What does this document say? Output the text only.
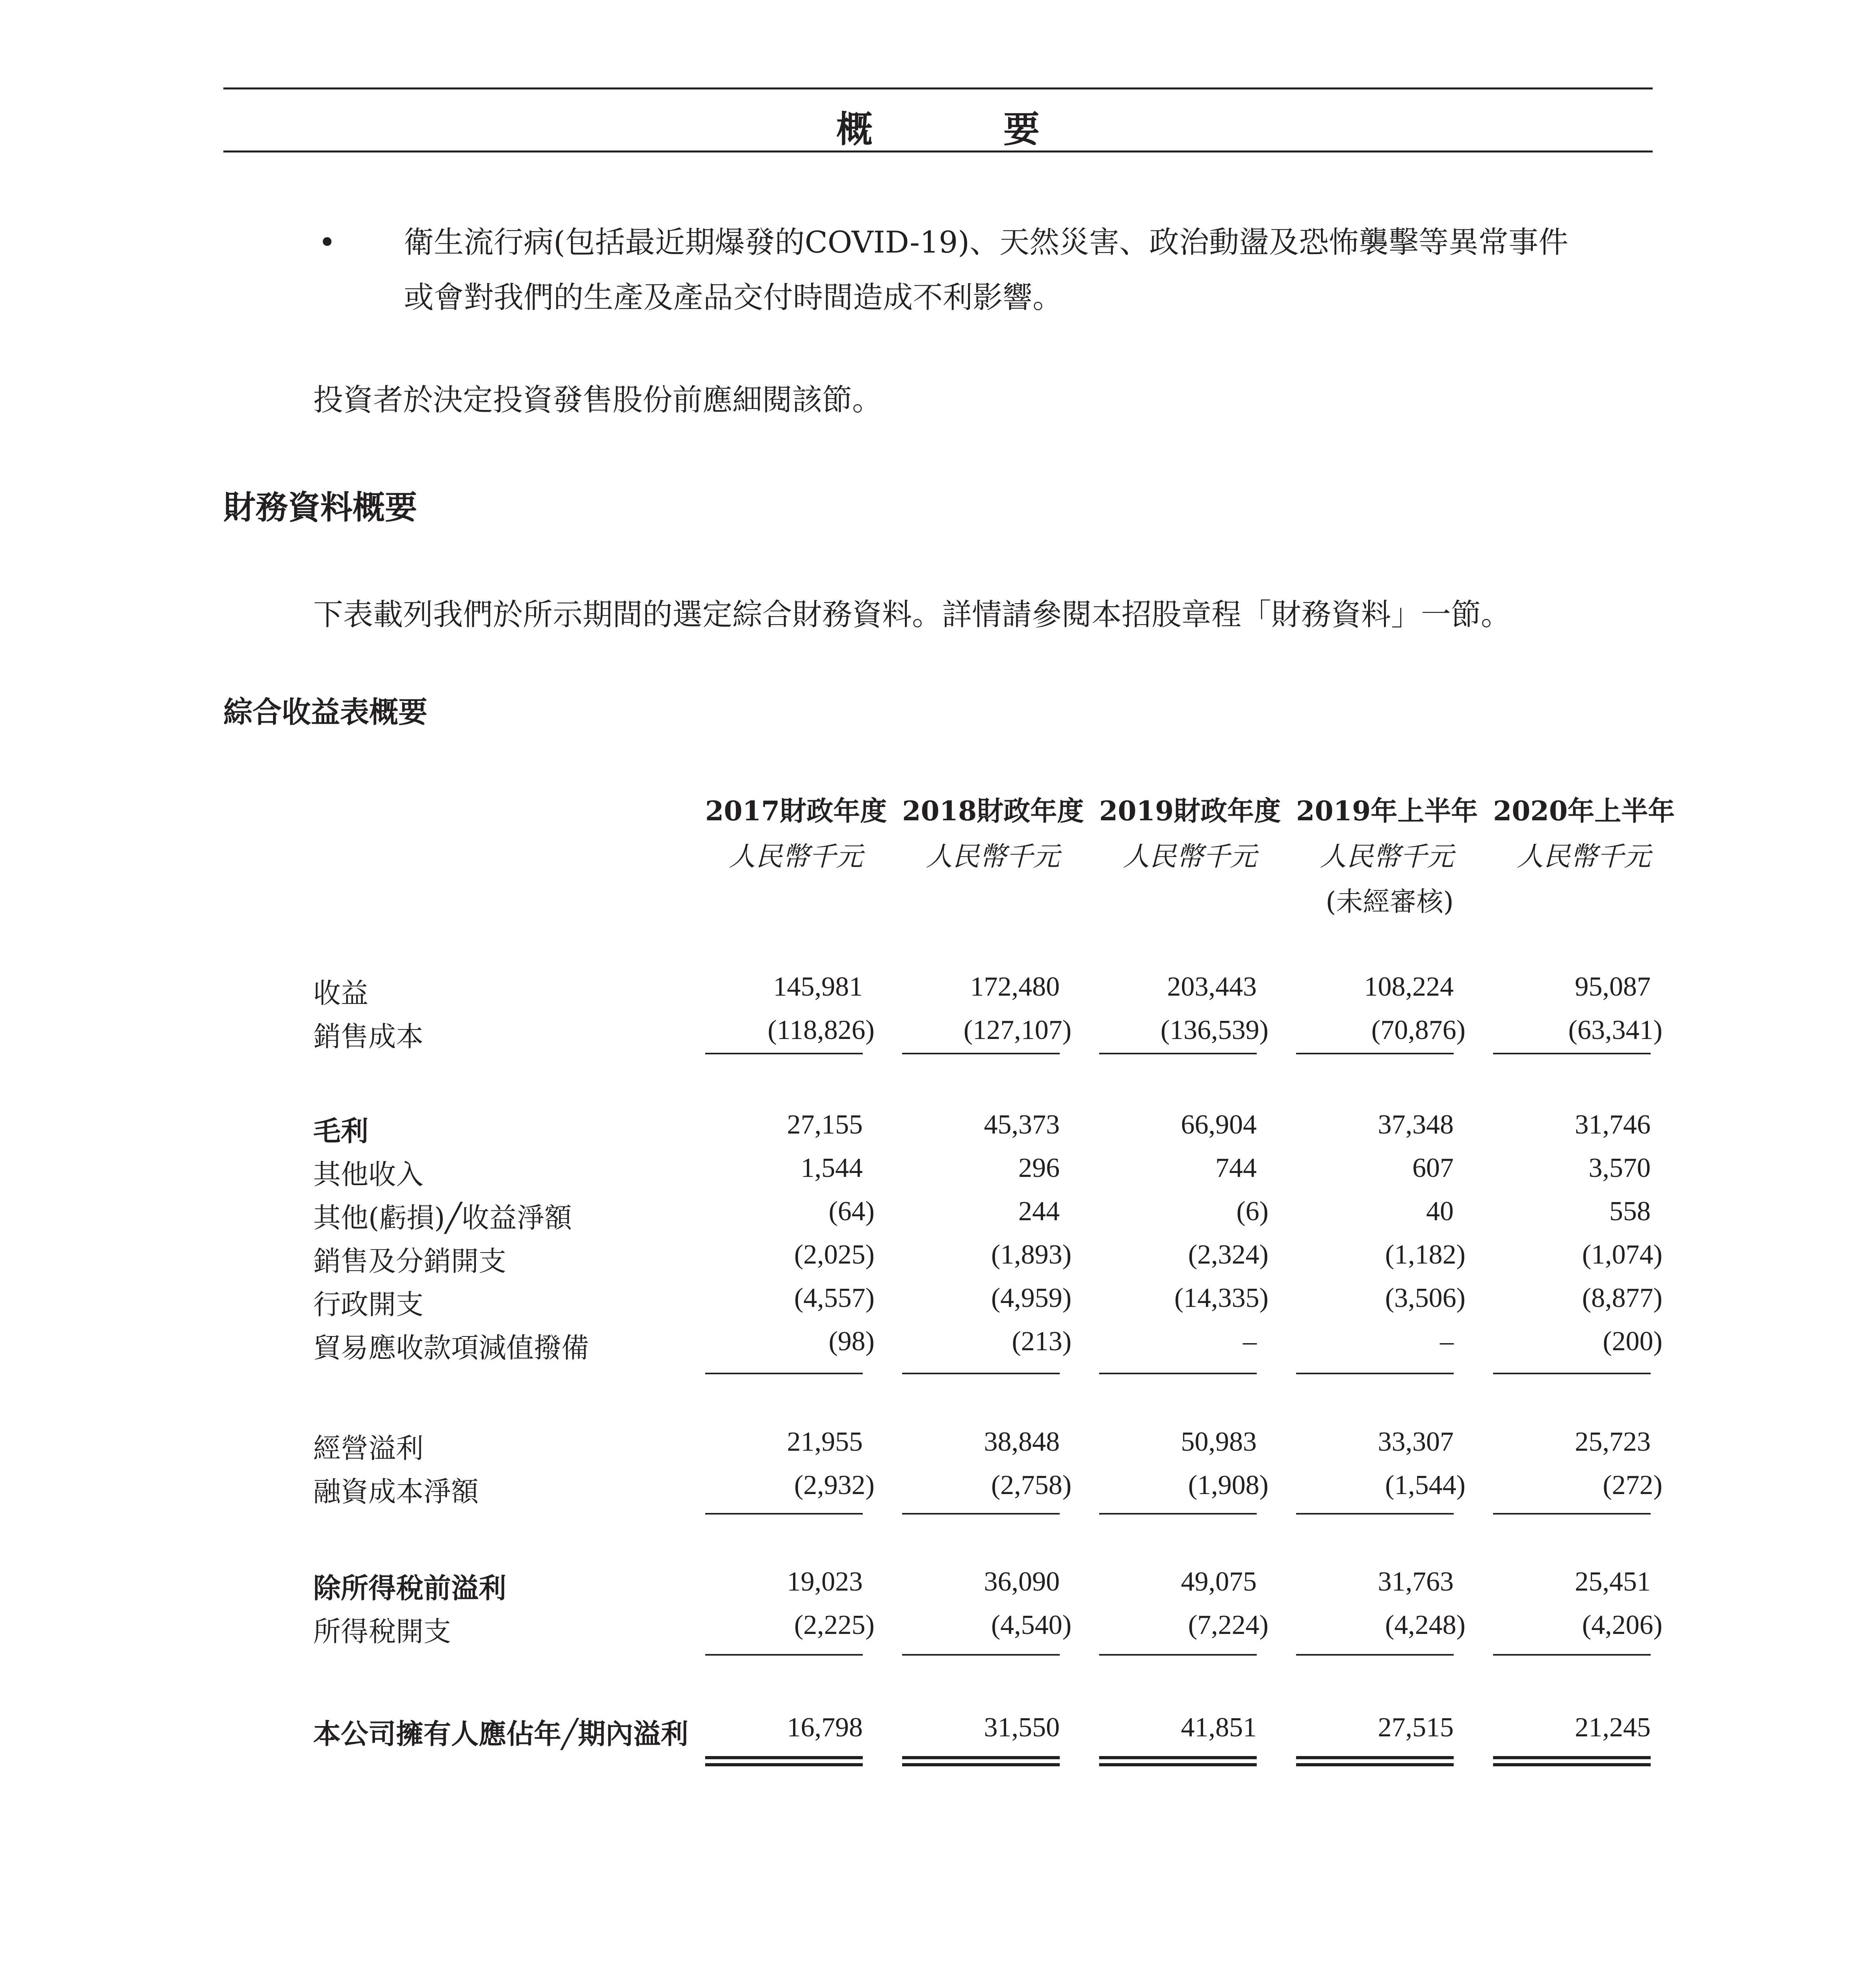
概 要
• 衛生流行病(包括最近期爆發的COVID-19)、天然災害、政治動盪及恐怖襲擊等異常事件
或會對我們的生產及產品交付時間造成不利影響。
投資者於決定投資發售股份前應細閱該節。
財務資料概要
下表載列我們於所示期間的選定綜合財務資料。詳情請參閱本招股章程「財務資料」一節。
綜合收益表概要
2017財政年度 2018財政年度 2019財政年度 2019年上半年 2020年上半年
人民幣千元	人民幣千元	人民幣千元	人民幣千元	人民幣千元
(未經審核)
收益	145,981	172,480	203,443	108,224	95,087
銷售成本	(118,826)	(127,107)	(136,539)	(70,876)	(63,341)
毛利	27,155	45,373	66,904	37,348	31,746
其他收入	1,544	296	744	607	3,570
其他(虧損)╱收益淨額	(64)	244	(6)	40	558
銷售及分銷開支	(2,025)	(1,893)	(2,324)	(1,182)	(1,074)
行政開支	(4,557)	(4,959)	(14,335)	(3,506)	(8,877)
貿易應收款項減值撥備	(98)	(213)	–	–	(200)
經營溢利	21,955	38,848	50,983	33,307	25,723
融資成本淨額	(2,932)	(2,758)	(1,908)	(1,544)	(272)
除所得稅前溢利	19,023	36,090	49,075	31,763	25,451
所得稅開支	(2,225)	(4,540)	(7,224)	(4,248)	(4,206)
本公司擁有人應佔年╱期內溢利	16,798	31,550	41,851	27,515	21,245
